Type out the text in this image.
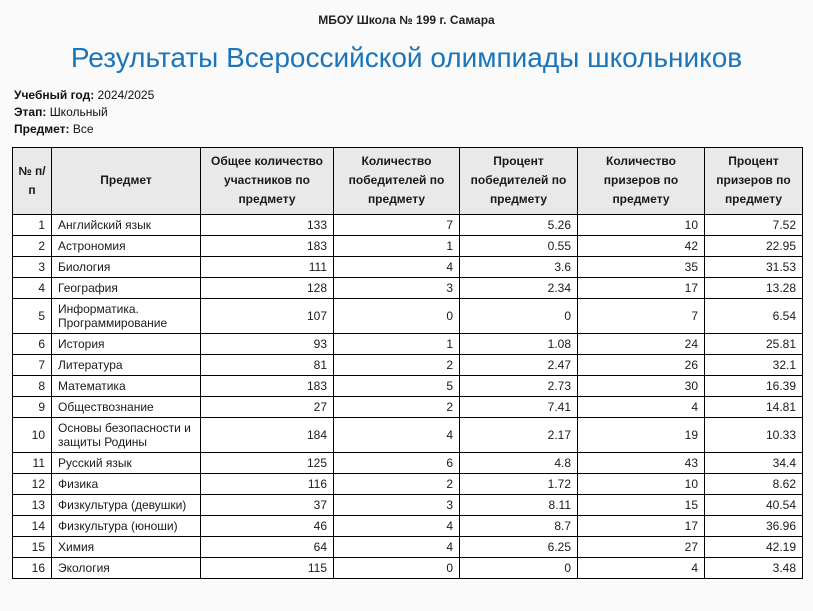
МБОУ Школа № 199 г. Самара
Результаты Всероссийской олимпиады школьников
Учебный год: 2024/2025
Этап: Школьный
Предмет: Все
№ п/п	Предмет	Общее количество участников по предмету	Количество победителей по предмету	Процент победителей по предмету	Количество призеров по предмету	Процент призеров по предмету
1	Английский язык	133	7	5.26	10	7.52
2	Астрономия	183	1	0.55	42	22.95
3	Биология	111	4	3.6	35	31.53
4	География	128	3	2.34	17	13.28
5	Информатика. Программирование	107	0	0	7	6.54
6	История	93	1	1.08	24	25.81
7	Литература	81	2	2.47	26	32.1
8	Математика	183	5	2.73	30	16.39
9	Обществознание	27	2	7.41	4	14.81
10	Основы безопасности и защиты Родины	184	4	2.17	19	10.33
11	Русский язык	125	6	4.8	43	34.4
12	Физика	116	2	1.72	10	8.62
13	Физкультура (девушки)	37	3	8.11	15	40.54
14	Физкультура (юноши)	46	4	8.7	17	36.96
15	Химия	64	4	6.25	27	42.19
16	Экология	115	0	0	4	3.48
